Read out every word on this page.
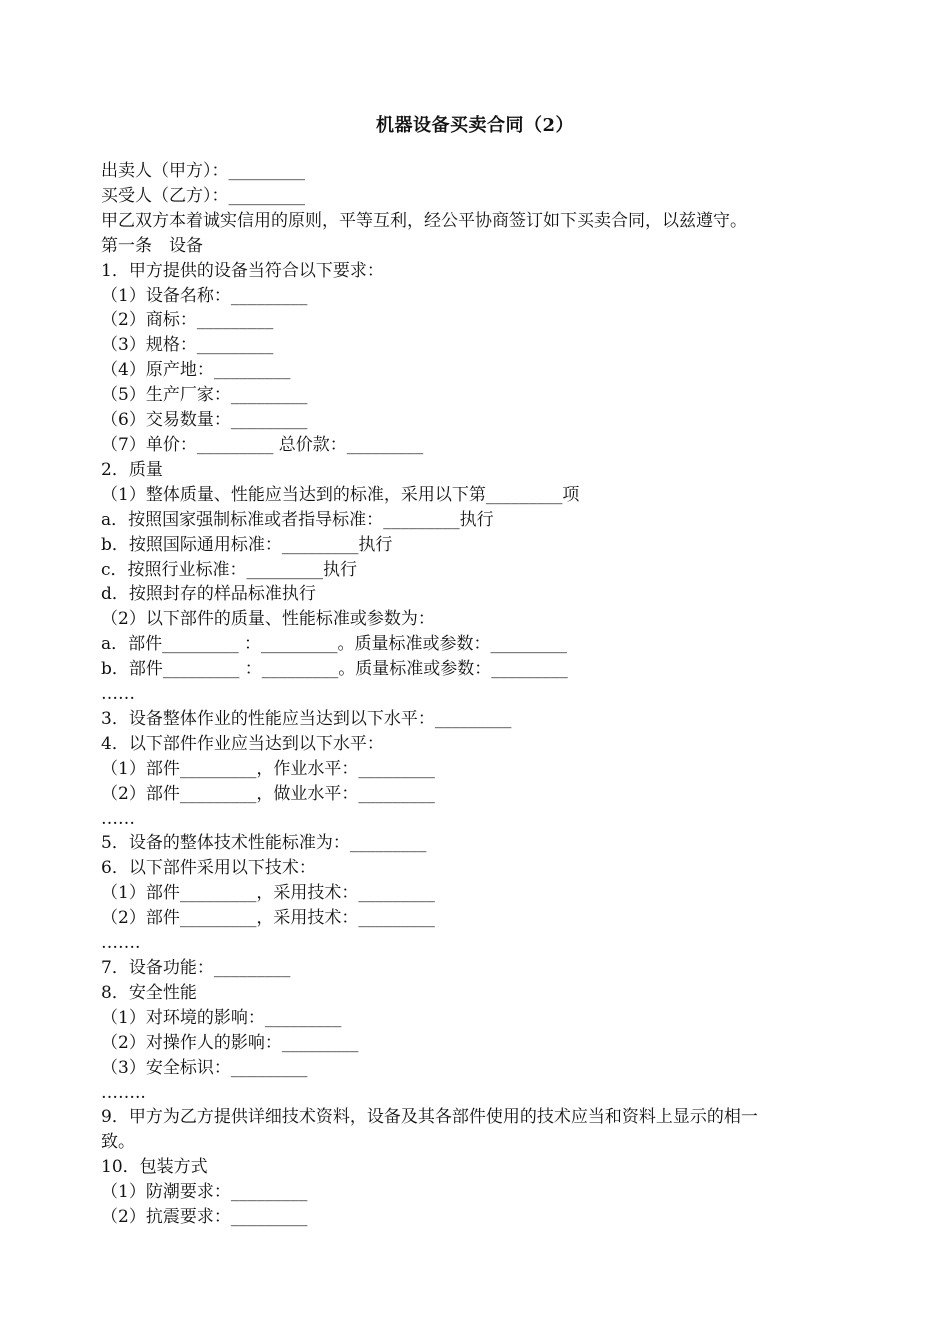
机器设备买卖合同（2）
出卖人（甲方）：_________
买受人（乙方）：_________
甲乙双方本着诚实信用的原则，平等互利，经公平协商签订如下买卖合同，以兹遵守。
第一条　设备
1．甲方提供的设备当符合以下要求：
（1）设备名称：_________
（2）商标：_________
（3）规格：_________
（4）原产地：_________
（5）生产厂家：_________
（6）交易数量：_________
（7）单价：_________ 总价款：_________
2．质量
（1）整体质量、性能应当达到的标准，采用以下第_________项
a．按照国家强制标准或者指导标准：_________执行
b．按照国际通用标准：_________执行
c．按照行业标准：_________执行
d．按照封存的样品标准执行
（2）以下部件的质量、性能标准或参数为：
a．部件_________ ：_________。质量标准或参数：_________
b．部件_________ ：_________。质量标准或参数：_________
……
3．设备整体作业的性能应当达到以下水平：_________
4．以下部件作业应当达到以下水平：
（1）部件_________，作业水平：_________
（2）部件_________，做业水平：_________
……
5．设备的整体技术性能标准为：_________
6．以下部件采用以下技术：
（1）部件_________，采用技术：_________
（2）部件_________，采用技术：_________
…….
7．设备功能：_________
8．安全性能
（1）对环境的影响：_________
（2）对操作人的影响：_________
（3）安全标识：_________
……..
9．甲方为乙方提供详细技术资料，设备及其各部件使用的技术应当和资料上显示的相一
致。
10．包装方式
（1）防潮要求：_________
（2）抗震要求：_________
